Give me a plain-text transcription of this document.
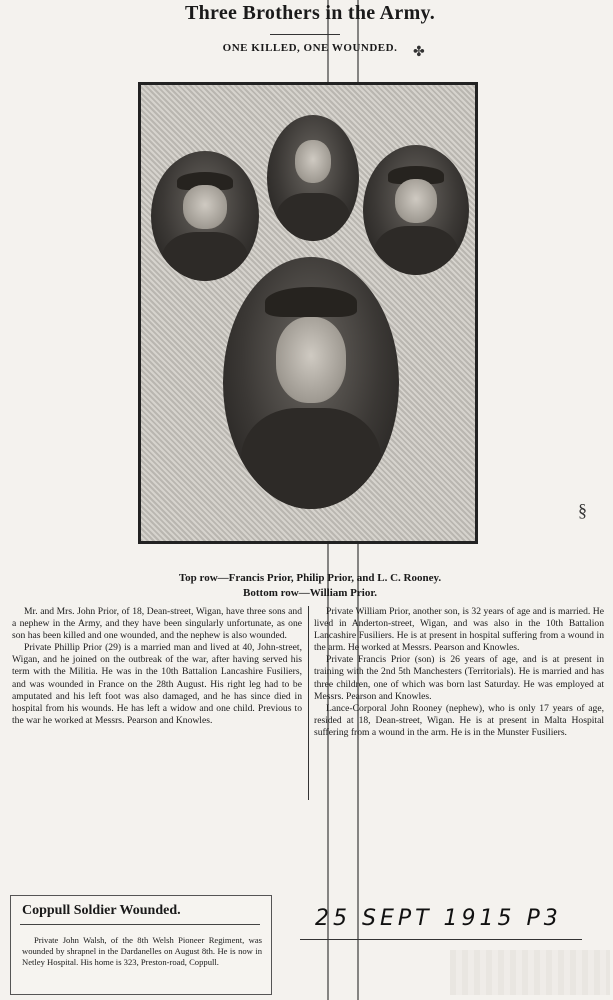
Three Brothers in the Army.
ONE KILLED, ONE WOUNDED.	✤
§
Top row—Francis Prior, Philip Prior, and L. C. Rooney.
Bottom row—William Prior.

Mr. and Mrs. John Prior, of 18, Dean-street, Wigan, have three sons and a nephew in the Army, and they have been singularly unfortunate, as one son has been killed and one wounded, and the nephew is also wounded.

Private Phillip Prior (29) is a married man and lived at 40, John-street, Wigan, and he joined on the outbreak of the war, after having served his term with the Militia. He was in the 10th Battalion Lancashire Fusiliers, and was wounded in France on the 28th August. His right leg had to be amputated and his left foot was also damaged, and he has since died in hospital from his wounds. He has left a widow and one child. Previous to the war he worked at Messrs. Pearson and Knowles.

Private William Prior, another son, is 32 years of age and is married. He lived in Anderton-street, Wigan, and was also in the 10th Battalion Lancashire Fusiliers. He is at present in hospital suffering from a wound in the arm. He worked at Messrs. Pearson and Knowles.

Private Francis Prior (son) is 26 years of age, and is at present in training with the 2nd 5th Manchesters (Territorials). He is married and has three children, one of which was born last Saturday. He was employed at Messrs. Pearson and Knowles.

Lance-Corporal John Rooney (nephew), who is only 17 years of age, resided at 18, Dean-street, Wigan. He is at present in Malta Hospital suffering from a wound in the arm. He is in the Munster Fusiliers.

Coppull Soldier Wounded.

Private John Walsh, of the 8th Welsh Pioneer Regiment, was wounded by shrapnel in the Dardanelles on August 8th. He is now in Netley Hospital. His home is 323, Preston-road, Coppull.

25 SEPT 1915 P3
